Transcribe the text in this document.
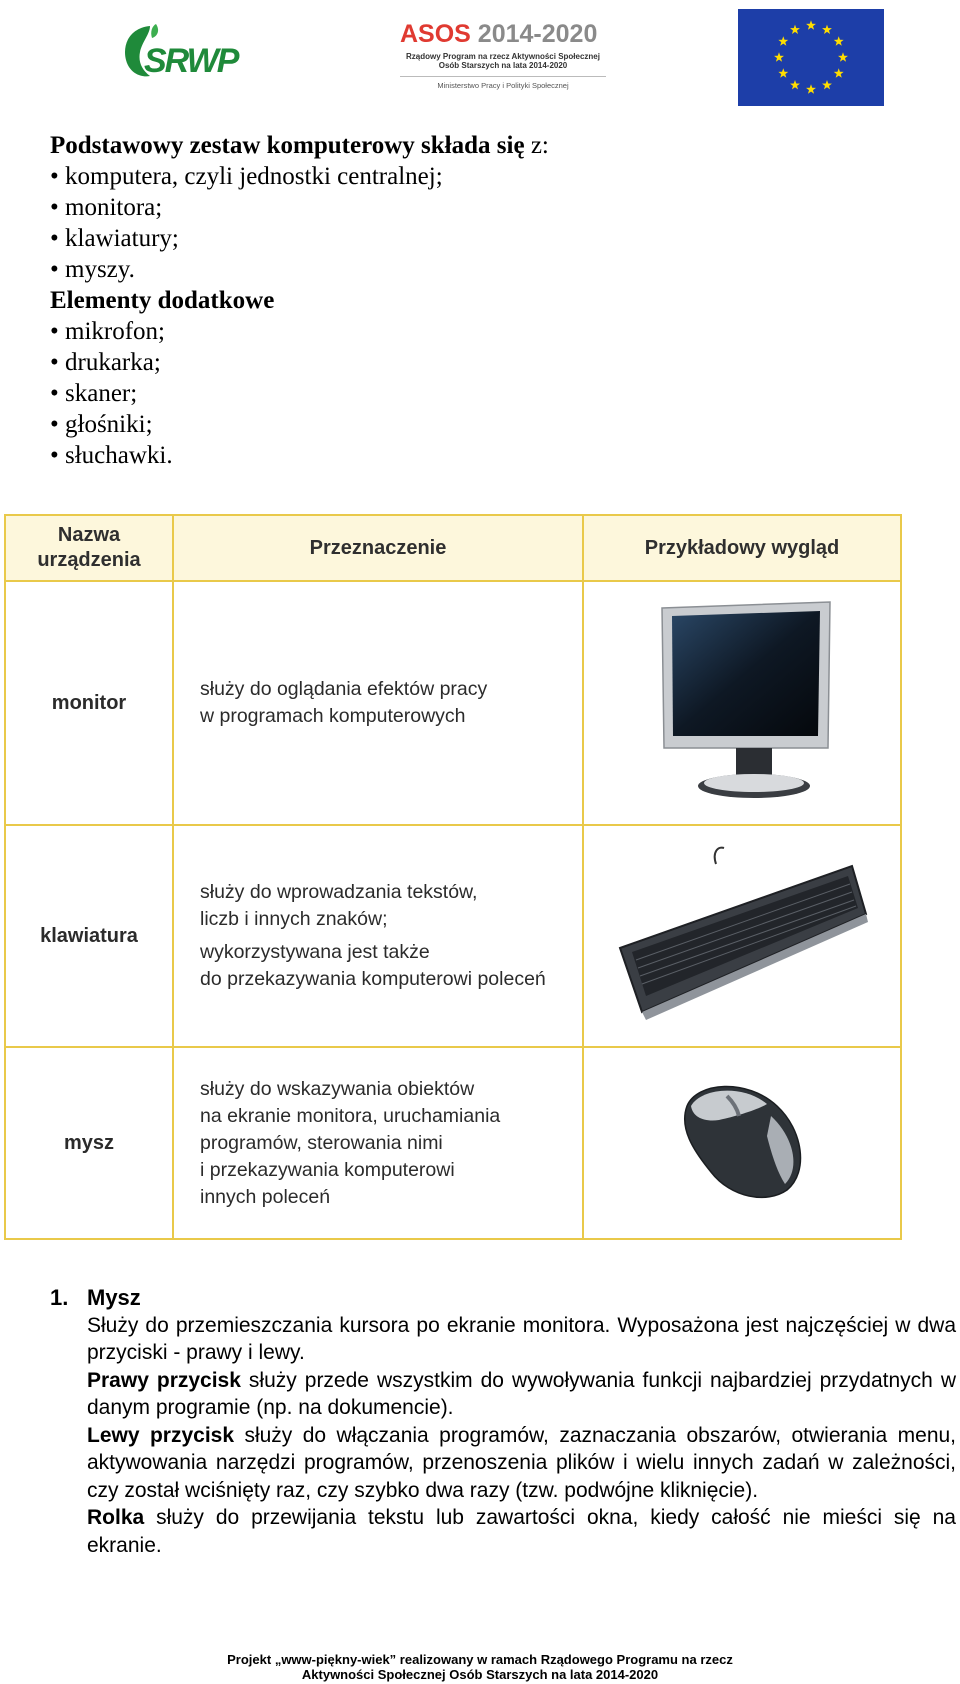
SRWP
ASOS 2014-2020
Rządowy Program na rzecz Aktywności Społecznej
Osób Starszych na lata 2014-2020
Ministerstwo Pracy i Polityki Społecznej
Podstawowy zestaw komputerowy składa się z:
• komputera, czyli jednostki centralnej;
• monitora;
• klawiatury;
• myszy.
Elementy dodatkowe
• mikrofon;
• drukarka;
• skaner;
• głośniki;
• słuchawki.
Nazwa
urządzenia	Przeznaczenie	Przykładowy wygląd
monitor	służy do oglądania efektów pracy
w programach komputerowych

klawiatura	służy do wprowadzania tekstów,
liczb i innych znaków;
wykorzystywana jest także
do przekazywania komputerowi poleceń

mysz	służy do wskazywania obiektów
na ekranie monitora, uruchamiania
programów, sterowania nimi
i przekazywania komputerowi
innych poleceń

1. Mysz
Służy do przemieszczania kursora po ekranie monitora. Wyposażona jest najczęściej w dwa przyciski - prawy i lewy.
Prawy przycisk służy przede wszystkim do wywoływania funkcji najbardziej przydatnych w danym programie (np. na dokumencie).
Lewy przycisk służy do włączania programów, zaznaczania obszarów, otwierania menu, aktywowania narzędzi programów, przenoszenia plików i wielu innych zadań w zależności, czy został wciśnięty raz, czy szybko dwa razy (tzw. podwójne kliknięcie).
Rolka służy do przewijania tekstu lub zawartości okna, kiedy całość nie mieści się na ekranie.
Projekt „www-piękny-wiek” realizowany w ramach Rządowego Programu na rzecz
Aktywności Społecznej Osób Starszych na lata 2014-2020
